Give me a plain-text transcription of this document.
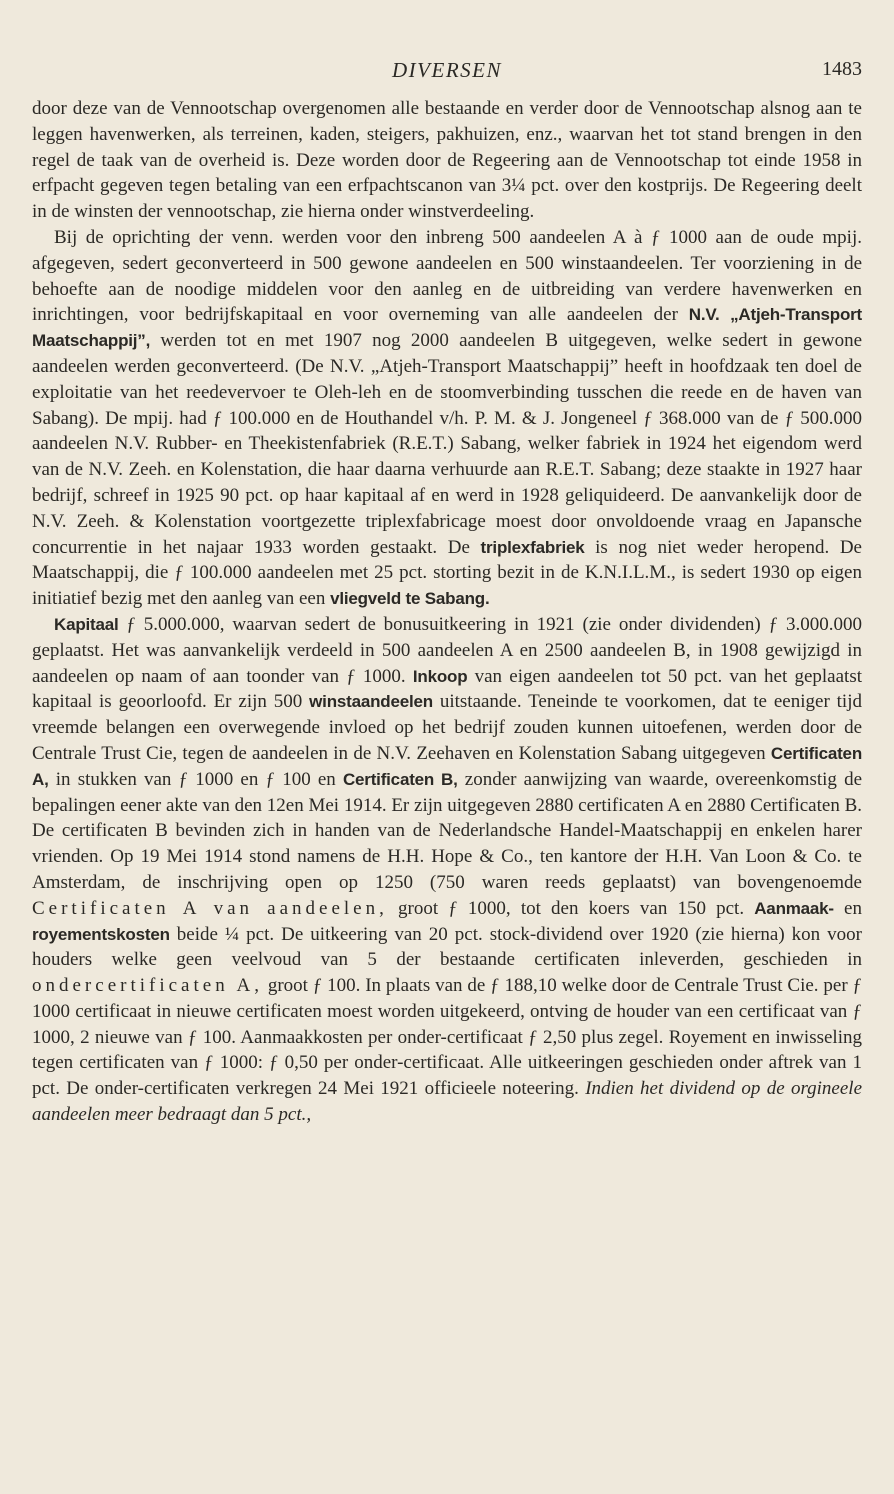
DIVERSEN	1483

door deze van de Vennootschap overgenomen alle bestaande en verder door de Vennootschap alsnog aan te leggen havenwerken, als terreinen, kaden, steigers, pakhuizen, enz., waarvan het tot stand brengen in den regel de taak van de overheid is. Deze worden door de Regeering aan de Vennootschap tot einde 1958 in erfpacht gegeven tegen betaling van een erfpachtscanon van 3¼ pct. over den kostprijs. De Regeering deelt in de winsten der vennootschap, zie hierna onder winstverdeeling.

Bij de oprichting der venn. werden voor den inbreng 500 aandeelen A à ƒ 1000 aan de oude mpij. afgegeven, sedert geconverteerd in 500 gewone aandeelen en 500 winstaandeelen. Ter voorziening in de behoefte aan de noodige middelen voor den aanleg en de uitbreiding van verdere havenwerken en inrichtingen, voor bedrijfskapitaal en voor overneming van alle aandeelen der N.V. „Atjeh-Transport Maatschappij”, werden tot en met 1907 nog 2000 aandeelen B uitgegeven, welke sedert in gewone aandeelen werden geconverteerd. (De N.V. „Atjeh-Transport Maatschappij” heeft in hoofdzaak ten doel de exploitatie van het reedevervoer te Oleh-leh en de stoomverbinding tusschen die reede en de haven van Sabang). De mpij. had ƒ 100.000 en de Houthandel v/h. P. M. & J. Jongeneel ƒ 368.000 van de ƒ 500.000 aandeelen N.V. Rubber- en Theekistenfabriek (R.E.T.) Sabang, welker fabriek in 1924 het eigendom werd van de N.V. Zeeh. en Kolenstation, die haar daarna verhuurde aan R.E.T. Sabang; deze staakte in 1927 haar bedrijf, schreef in 1925 90 pct. op haar kapitaal af en werd in 1928 geliquideerd. De aanvankelijk door de N.V. Zeeh. & Kolenstation voortgezette triplexfabricage moest door onvoldoende vraag en Japansche concurrentie in het najaar 1933 worden gestaakt. De triplexfabriek is nog niet weder heropend. De Maatschappij, die ƒ 100.000 aandeelen met 25 pct. storting bezit in de K.N.I.L.M., is sedert 1930 op eigen initiatief bezig met den aanleg van een vliegveld te Sabang.

Kapitaal ƒ 5.000.000, waarvan sedert de bonusuitkeering in 1921 (zie onder dividenden) ƒ 3.000.000 geplaatst. Het was aanvankelijk verdeeld in 500 aandeelen A en 2500 aandeelen B, in 1908 gewijzigd in aandeelen op naam of aan toonder van ƒ 1000. Inkoop van eigen aandeelen tot 50 pct. van het geplaatst kapitaal is geoorloofd. Er zijn 500 winstaandeelen uitstaande. Teneinde te voorkomen, dat te eeniger tijd vreemde belangen een overwegende invloed op het bedrijf zouden kunnen uitoefenen, werden door de Centrale Trust Cie, tegen de aandeelen in de N.V. Zeehaven en Kolenstation Sabang uitgegeven Certificaten A, in stukken van ƒ 1000 en ƒ 100 en Certificaten B, zonder aanwijzing van waarde, overeenkomstig de bepalingen eener akte van den 12en Mei 1914. Er zijn uitgegeven 2880 certificaten A en 2880 Certificaten B. De certificaten B bevinden zich in handen van de Nederlandsche Handel-Maatschappij en enkelen harer vrienden. Op 19 Mei 1914 stond namens de H.H. Hope & Co., ten kantore der H.H. Van Loon & Co. te Amsterdam, de inschrijving open op 1250 (750 waren reeds geplaatst) van bovengenoemde Certificaten A van aandeelen, groot ƒ 1000, tot den koers van 150 pct. Aanmaak- en royementskosten beide ¼ pct. De uitkeering van 20 pct. stock-dividend over 1920 (zie hierna) kon voor houders welke geen veelvoud van 5 der bestaande certificaten inleverden, geschieden in ondercertificaten A, groot ƒ 100. In plaats van de ƒ 188,10 welke door de Centrale Trust Cie. per ƒ 1000 certificaat in nieuwe certificaten moest worden uitgekeerd, ontving de houder van een certificaat van ƒ 1000, 2 nieuwe van ƒ 100. Aanmaakkosten per onder-certificaat ƒ 2,50 plus zegel. Royement en inwisseling tegen certificaten van ƒ 1000: ƒ 0,50 per onder-certificaat. Alle uitkeeringen geschieden onder aftrek van 1 pct. De onder-certificaten verkregen 24 Mei 1921 officieele noteering. Indien het dividend op de orgineele aandeelen meer bedraagt dan 5 pct.,
